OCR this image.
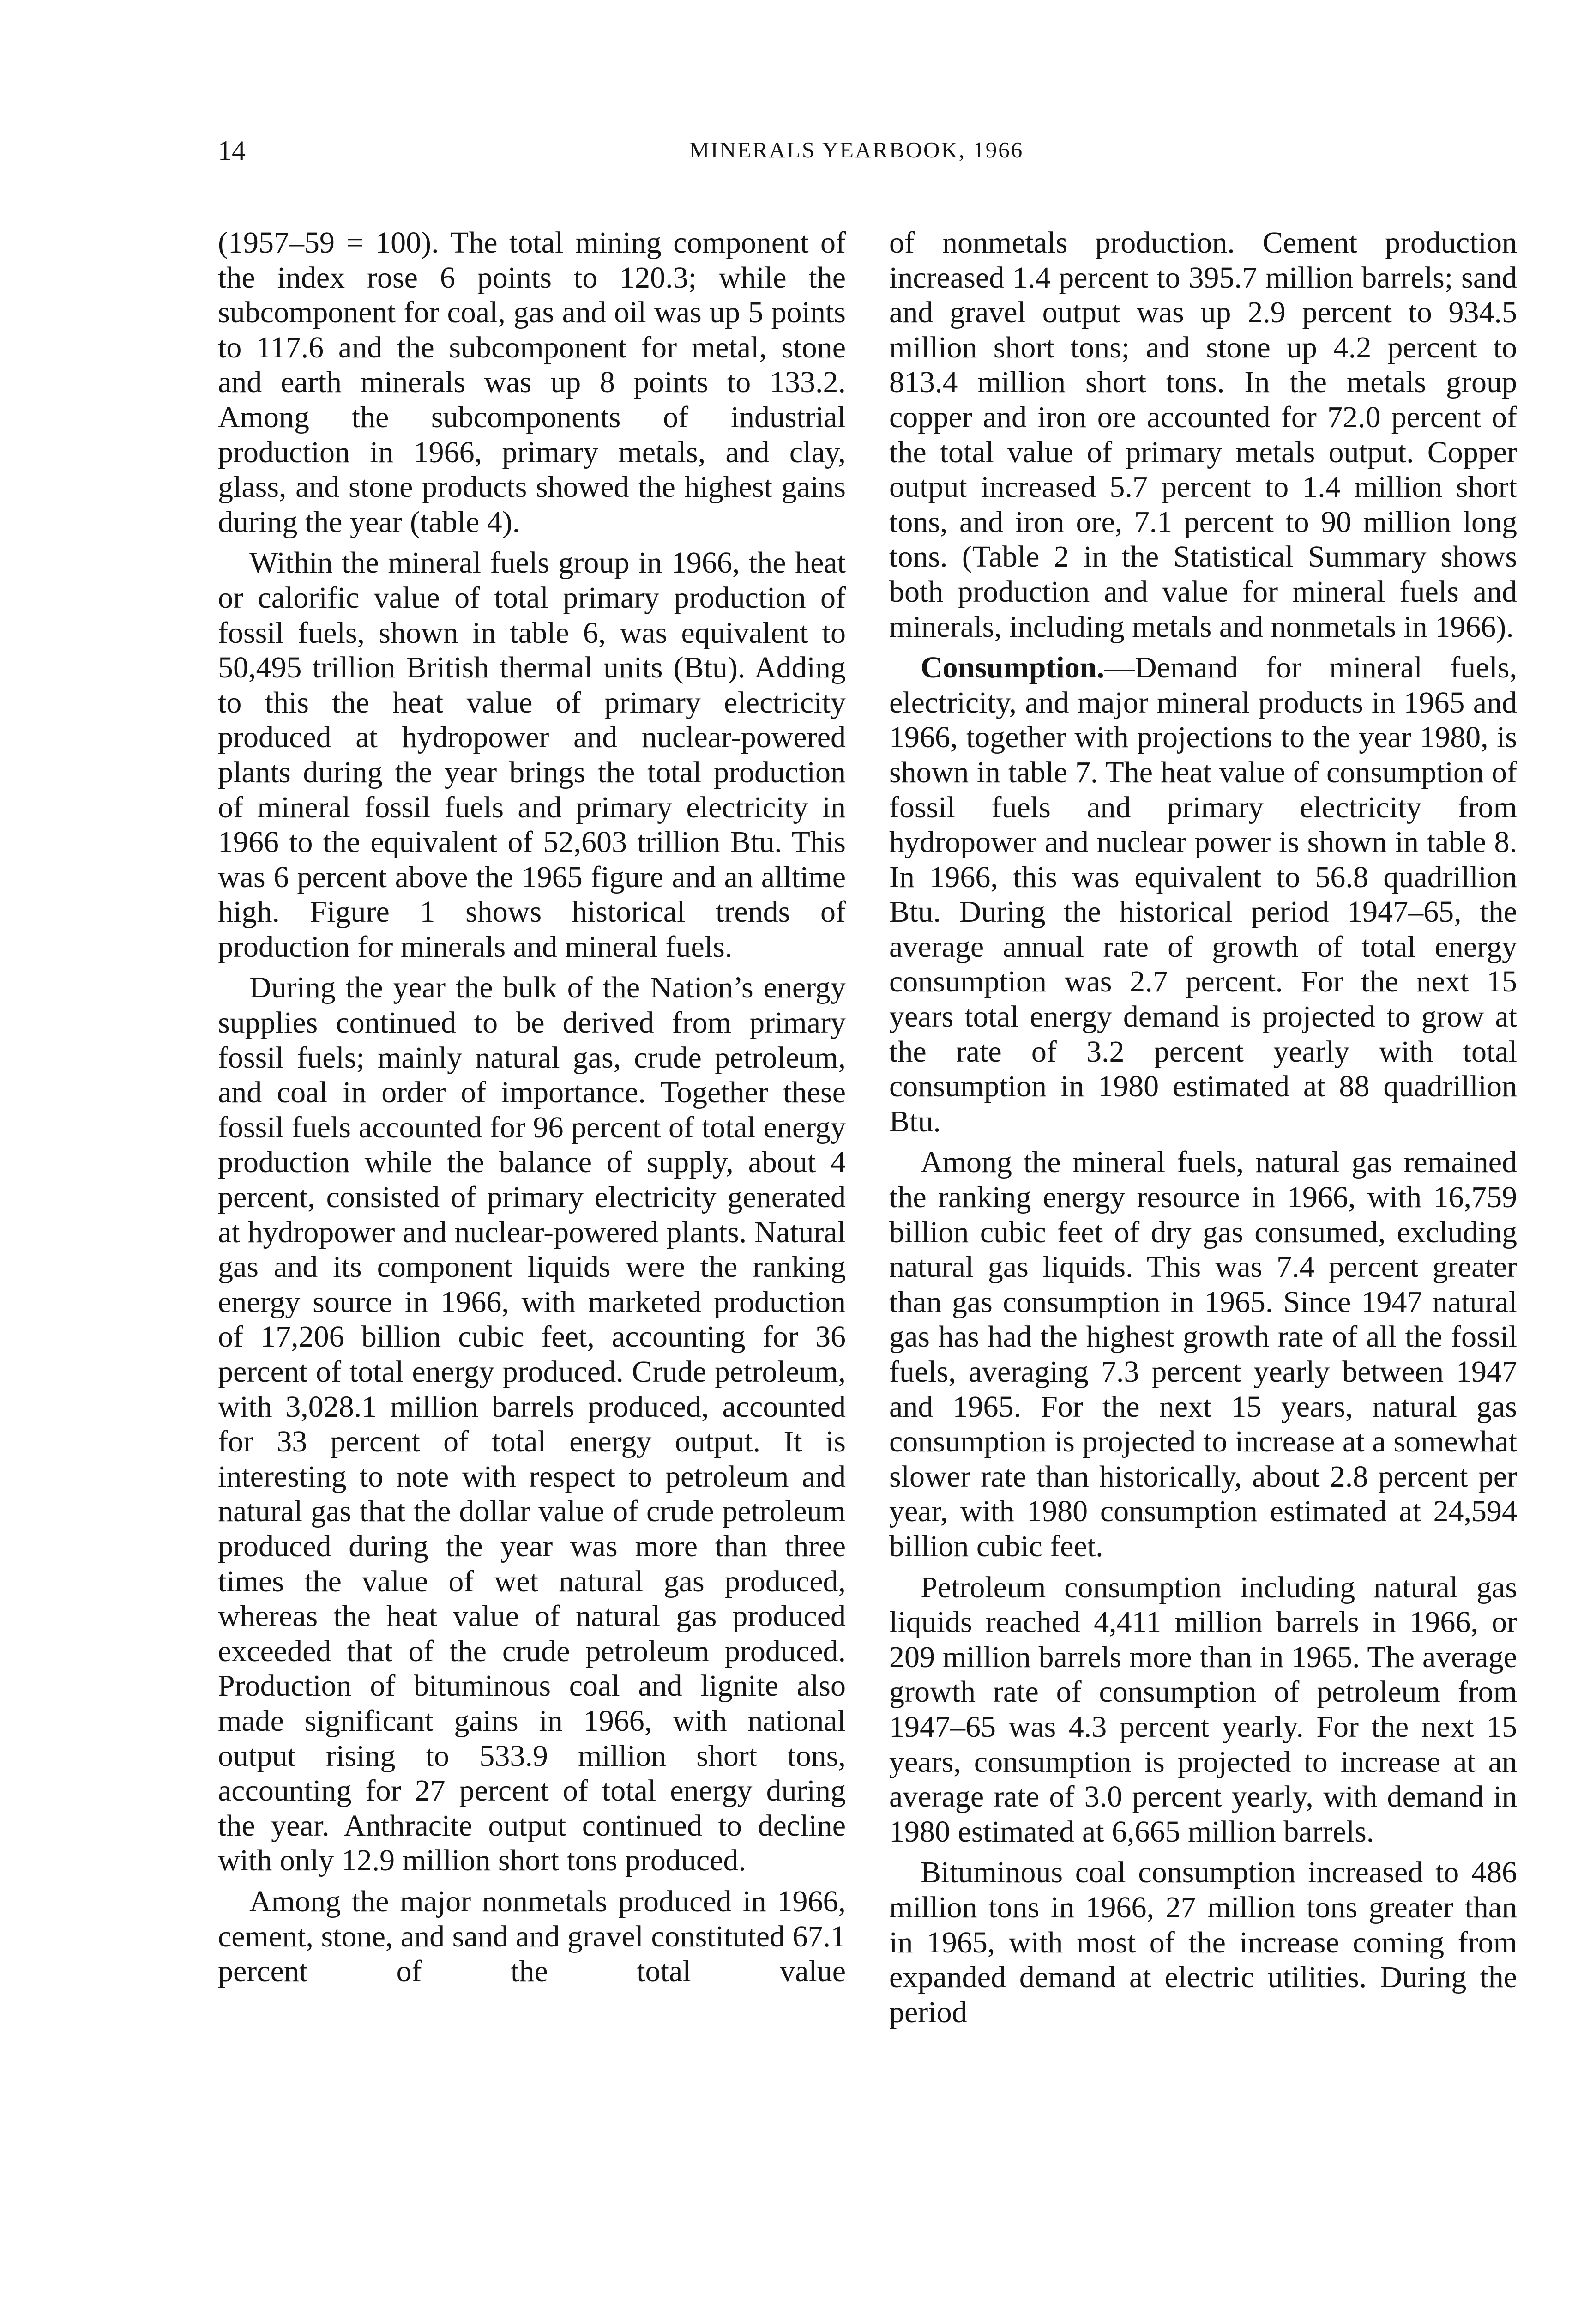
14	MINERALS YEARBOOK, 1966

(1957–59 = 100). The total mining component of the index rose 6 points to 120.3; while the subcomponent for coal, gas and oil was up 5 points to 117.6 and the subcomponent for metal, stone and earth minerals was up 8 points to 133.2. Among the subcomponents of industrial production in 1966, primary metals, and clay, glass, and stone products showed the highest gains during the year (table 4).

Within the mineral fuels group in 1966, the heat or calorific value of total primary production of fossil fuels, shown in table 6, was equivalent to 50,495 trillion British thermal units (Btu). Adding to this the heat value of primary electricity produced at hydropower and nuclear-powered plants during the year brings the total production of mineral fossil fuels and primary electricity in 1966 to the equivalent of 52,603 trillion Btu. This was 6 percent above the 1965 figure and an alltime high. Figure 1 shows historical trends of production for minerals and mineral fuels.

During the year the bulk of the Nation’s energy supplies continued to be derived from primary fossil fuels; mainly natural gas, crude petroleum, and coal in order of importance. Together these fossil fuels accounted for 96 percent of total energy production while the balance of supply, about 4 percent, consisted of primary electricity generated at hydropower and nuclear-powered plants. Natural gas and its component liquids were the ranking energy source in 1966, with marketed production of 17,206 billion cubic feet, accounting for 36 percent of total energy produced. Crude petroleum, with 3,028.1 million barrels produced, accounted for 33 percent of total energy output. It is interesting to note with respect to petroleum and natural gas that the dollar value of crude petroleum produced during the year was more than three times the value of wet natural gas produced, whereas the heat value of natural gas produced exceeded that of the crude petroleum produced. Production of bituminous coal and lignite also made significant gains in 1966, with national output rising to 533.9 million short tons, accounting for 27 percent of total energy during the year. Anthracite output continued to decline with only 12.9 million short tons produced.

Among the major nonmetals produced in 1966, cement, stone, and sand and gravel constituted 67.1 percent of the total value

of nonmetals production. Cement production increased 1.4 percent to 395.7 million barrels; sand and gravel output was up 2.9 percent to 934.5 million short tons; and stone up 4.2 percent to 813.4 million short tons. In the metals group copper and iron ore accounted for 72.0 percent of the total value of primary metals output. Copper output increased 5.7 percent to 1.4 million short tons, and iron ore, 7.1 percent to 90 million long tons. (Table 2 in the Statistical Summary shows both production and value for mineral fuels and minerals, including metals and nonmetals in 1966).

Consumption.—Demand for mineral fuels, electricity, and major mineral products in 1965 and 1966, together with projections to the year 1980, is shown in table 7. The heat value of consumption of fossil fuels and primary electricity from hydropower and nuclear power is shown in table 8. In 1966, this was equivalent to 56.8 quadrillion Btu. During the historical period 1947–65, the average annual rate of growth of total energy consumption was 2.7 percent. For the next 15 years total energy demand is projected to grow at the rate of 3.2 percent yearly with total consumption in 1980 estimated at 88 quadrillion Btu.

Among the mineral fuels, natural gas remained the ranking energy resource in 1966, with 16,759 billion cubic feet of dry gas consumed, excluding natural gas liquids. This was 7.4 percent greater than gas consumption in 1965. Since 1947 natural gas has had the highest growth rate of all the fossil fuels, averaging 7.3 percent yearly between 1947 and 1965. For the next 15 years, natural gas consumption is projected to increase at a somewhat slower rate than historically, about 2.8 percent per year, with 1980 consumption estimated at 24,594 billion cubic feet.

Petroleum consumption including natural gas liquids reached 4,411 million barrels in 1966, or 209 million barrels more than in 1965. The average growth rate of consumption of petroleum from 1947–65 was 4.3 percent yearly. For the next 15 years, consumption is projected to increase at an average rate of 3.0 percent yearly, with demand in 1980 estimated at 6,665 million barrels.

Bituminous coal consumption increased to 486 million tons in 1966, 27 million tons greater than in 1965, with most of the increase coming from expanded demand at electric utilities. During the period
